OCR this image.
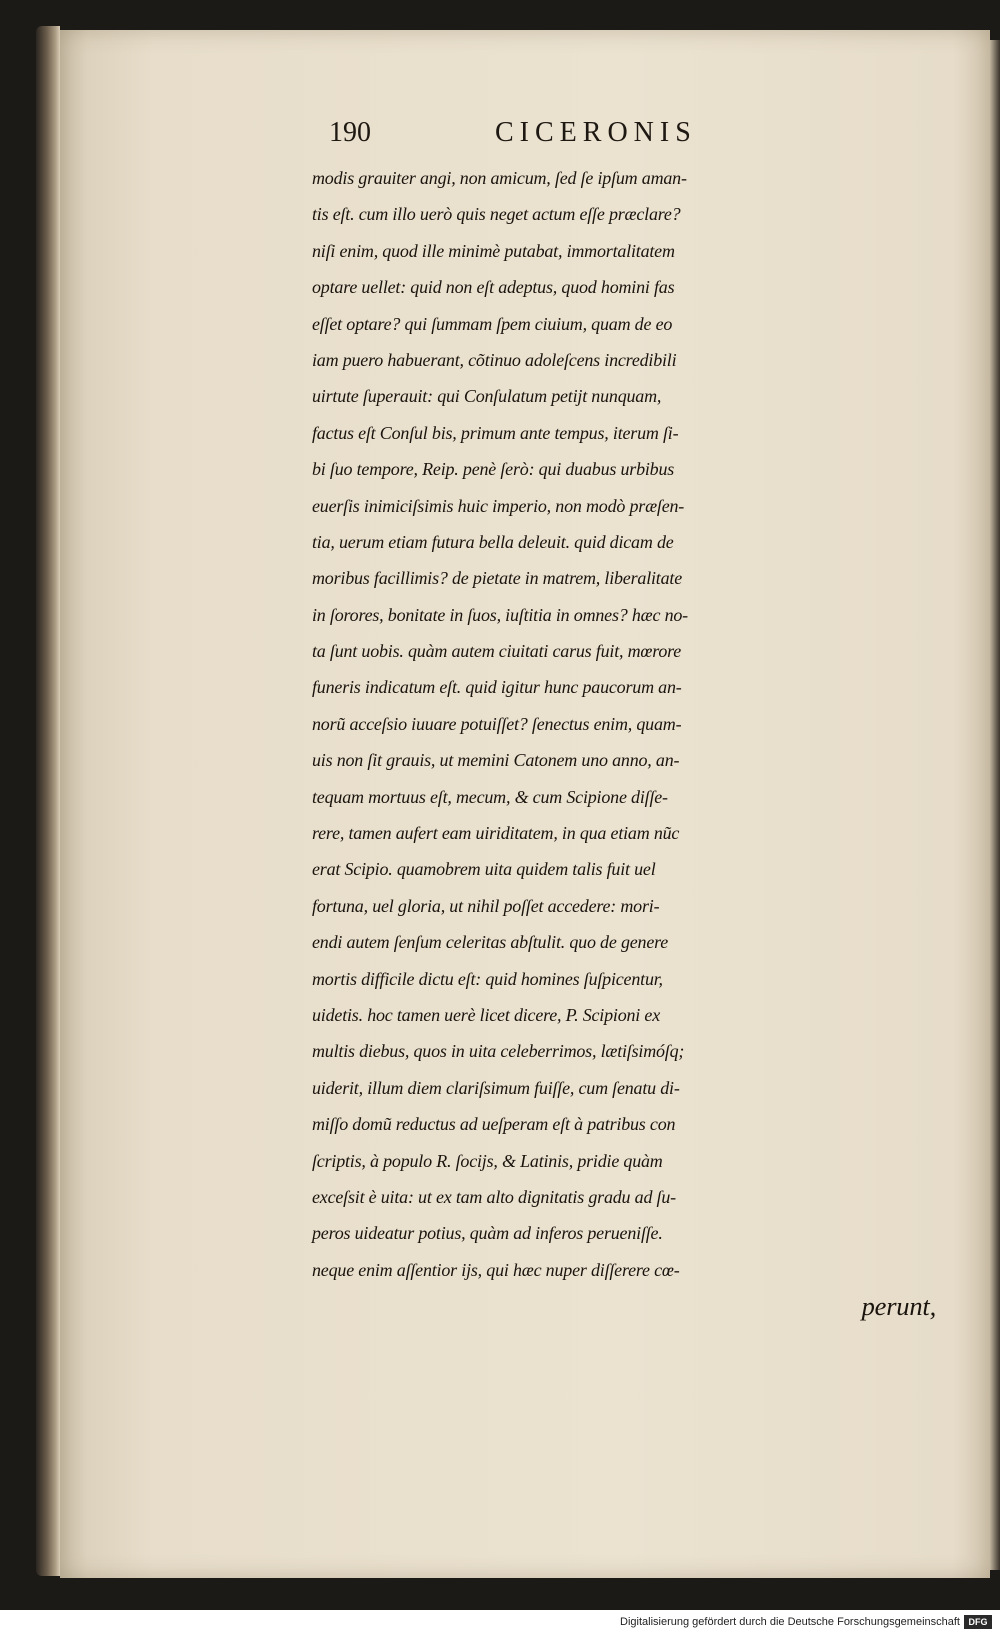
190	CICERONIS
modis grauiter angi, non amicum, ſed ſe ipſum aman-
tis eſt. cum illo uerò quis neget actum eſſe præclare?
niſi enim, quod ille minimè putabat, immortalitatem
optare uellet: quid non eſt adeptus, quod homini fas
eſſet optare? qui ſummam ſpem ciuium, quam de eo
iam puero habuerant, cõtinuo adoleſcens incredibili
uirtute ſuperauit: qui Conſulatum petijt nunquam,
factus eſt Conſul bis, primum ante tempus, iterum ſi-
bi ſuo tempore, Reip. penè ſerò: qui duabus urbibus
euerſis inimiciſsimis huic imperio, non modò præſen-
tia, uerum etiam futura bella deleuit. quid dicam de
moribus facillimis? de pietate in matrem, liberalitate
in ſorores, bonitate in ſuos, iuſtitia in omnes? hæc no-
ta ſunt uobis. quàm autem ciuitati carus fuit, mœrore
funeris indicatum eſt. quid igitur hunc paucorum an-
norũ acceſsio iuuare potuiſſet? ſenectus enim, quam-
uis non ſit grauis, ut memini Catonem uno anno, an-
tequam mortuus eſt, mecum, & cum Scipione diſſe-
rere, tamen aufert eam uiriditatem, in qua etiam nũc
erat Scipio. quamobrem uita quidem talis fuit uel
fortuna, uel gloria, ut nihil poſſet accedere: mori-
endi autem ſenſum celeritas abſtulit. quo de genere
mortis difficile dictu eſt: quid homines ſuſpicentur,
uidetis. hoc tamen uerè licet dicere, P. Scipioni ex
multis diebus, quos in uita celeberrimos, lætiſsimóſq;
uiderit, illum diem clariſsimum fuiſſe, cum ſenatu di-
miſſo domũ reductus ad ueſperam eſt à patribus con
ſcriptis, à populo R. ſocijs, & Latinis, pridie quàm
exceſsit è uita: ut ex tam alto dignitatis gradu ad ſu-
peros uideatur potius, quàm ad inferos perueniſſe.
neque enim aſſentior ijs, qui hæc nuper diſſerere cœ-
perunt,
Digitalisierung gefördert durch die Deutsche Forschungsgemeinschaft DFG
